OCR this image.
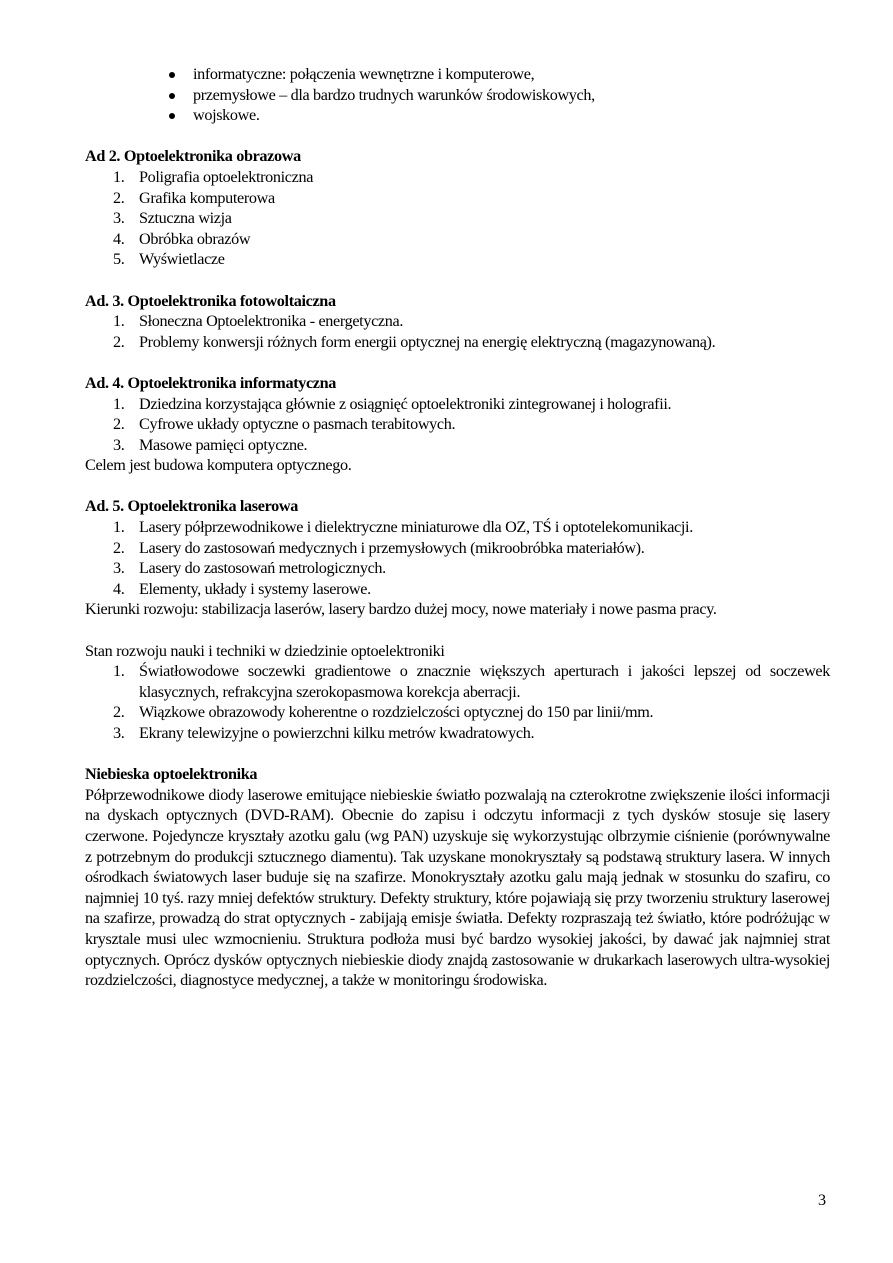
informatyczne: połączenia wewnętrzne i komputerowe,
przemysłowe – dla bardzo trudnych warunków środowiskowych,
wojskowe.
Ad 2. Optoelektronika obrazowa
1. Poligrafia optoelektroniczna
2. Grafika komputerowa
3. Sztuczna wizja
4. Obróbka obrazów
5. Wyświetlacze
Ad. 3. Optoelektronika fotowoltaiczna
1. Słoneczna Optoelektronika - energetyczna.
2. Problemy konwersji różnych form energii optycznej na energię elektryczną (magazynowaną).
Ad. 4. Optoelektronika informatyczna
1. Dziedzina korzystająca głównie z osiągnięć optoelektroniki zintegrowanej i holografii.
2. Cyfrowe układy optyczne o pasmach terabitowych.
3. Masowe pamięci optyczne.

Celem jest budowa komputera optycznego.

Ad. 5. Optoelektronika laserowa
1. Lasery półprzewodnikowe i dielektryczne miniaturowe dla OZ, TŚ i optotelekomunikacji.
2. Lasery do zastosowań medycznych i przemysłowych (mikroobróbka materiałów).
3. Lasery do zastosowań metrologicznych.
4. Elementy, układy i systemy laserowe.

Kierunki rozwoju: stabilizacja laserów, lasery bardzo dużej mocy, nowe materiały i nowe pasma pracy.

Stan rozwoju nauki i techniki w dziedzinie optoelektroniki

1. Światłowodowe soczewki gradientowe o znacznie większych aperturach i jakości lepszej od soczewek klasycznych, refrakcyjna szerokopasmowa korekcja aberracji.
2. Wiązkowe obrazowody koherentne o rozdzielczości optycznej do 150 par linii/mm.
3. Ekrany telewizyjne o powierzchni kilku metrów kwadratowych.
Niebieska optoelektronika

Półprzewodnikowe diody laserowe emitujące niebieskie światło pozwalają na czterokrotne zwiększenie ilości informacji na dyskach optycznych (DVD-RAM). Obecnie do zapisu i odczytu informacji z tych dysków stosuje się lasery czerwone. Pojedyncze kryształy azotku galu (wg PAN) uzyskuje się wykorzystując olbrzymie ciśnienie (porównywalne z potrzebnym do produkcji sztucznego diamentu). Tak uzyskane monokryształy są podstawą struktury lasera. W innych ośrodkach światowych laser buduje się na szafirze. Monokryształy azotku galu mają jednak w stosunku do szafiru, co najmniej 10 tyś. razy mniej defektów struktury. Defekty struktury, które pojawiają się przy tworzeniu struktury laserowej na szafirze, prowadzą do strat optycznych - zabijają emisje światła. Defekty rozpraszają też światło, które podróżując w krysztale musi ulec wzmocnieniu. Struktura podłoża musi być bardzo wysokiej jakości, by dawać jak najmniej strat optycznych. Oprócz dysków optycznych niebieskie diody znajdą zastosowanie w drukarkach laserowych ultra-wysokiej rozdzielczości, diagnostyce medycznej, a także w monitoringu środowiska.

3
